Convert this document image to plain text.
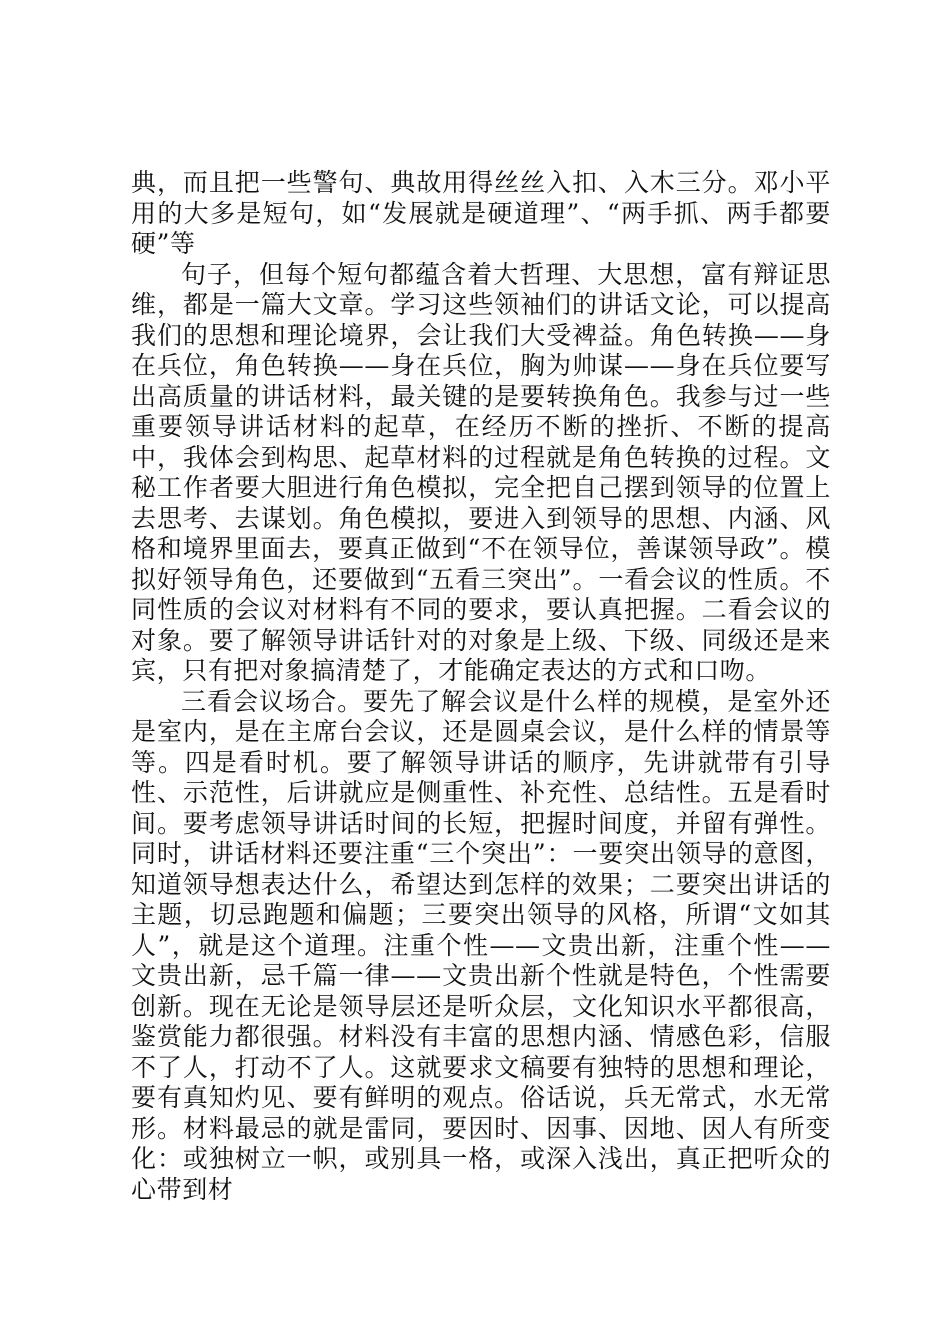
典，而且把一些警句、典故用得丝丝入扣、入木三分。邓小平用的大多是短句，如“发展就是硬道理”、“两手抓、两手都要硬”等

句子，但每个短句都蕴含着大哲理、大思想，富有辩证思维，都是一篇大文章。学习这些领袖们的讲话文论，可以提高我们的思想和理论境界，会让我们大受裨益。角色转换——身在兵位，角色转换——身在兵位，胸为帅谋——身在兵位要写出高质量的讲话材料，最关键的是要转换角色。我参与过一些重要领导讲话材料的起草，在经历不断的挫折、不断的提高中，我体会到构思、起草材料的过程就是角色转换的过程。文秘工作者要大胆进行角色模拟，完全把自己摆到领导的位置上去思考、去谋划。角色模拟，要进入到领导的思想、内涵、风格和境界里面去，要真正做到“不在领导位，善谋领导政”。模拟好领导角色，还要做到“五看三突出”。一看会议的性质。不同性质的会议对材料有不同的要求，要认真把握。二看会议的对象。要了解领导讲话针对的对象是上级、下级、同级还是来宾，只有把对象搞清楚了，才能确定表达的方式和口吻。

三看会议场合。要先了解会议是什么样的规模，是室外还是室内，是在主席台会议，还是圆桌会议，是什么样的情景等等。四是看时机。要了解领导讲话的顺序，先讲就带有引导性、示范性，后讲就应是侧重性、补充性、总结性。五是看时间。要考虑领导讲话时间的长短，把握时间度，并留有弹性。同时，讲话材料还要注重“三个突出”：一要突出领导的意图，知道领导想表达什么，希望达到怎样的效果；二要突出讲话的主题，切忌跑题和偏题；三要突出领导的风格，所谓“文如其人”，就是这个道理。注重个性——文贵出新，注重个性——文贵出新，忌千篇一律——文贵出新个性就是特色，个性需要创新。现在无论是领导层还是听众层，文化知识水平都很高，鉴赏能力都很强。材料没有丰富的思想内涵、情感色彩，信服不了人，打动不了人。这就要求文稿要有独特的思想和理论，要有真知灼见、要有鲜明的观点。俗话说，兵无常式，水无常形。材料最忌的就是雷同，要因时、因事、因地、因人有所变化：或独树立一帜，或别具一格，或深入浅出，真正把听众的心带到材
